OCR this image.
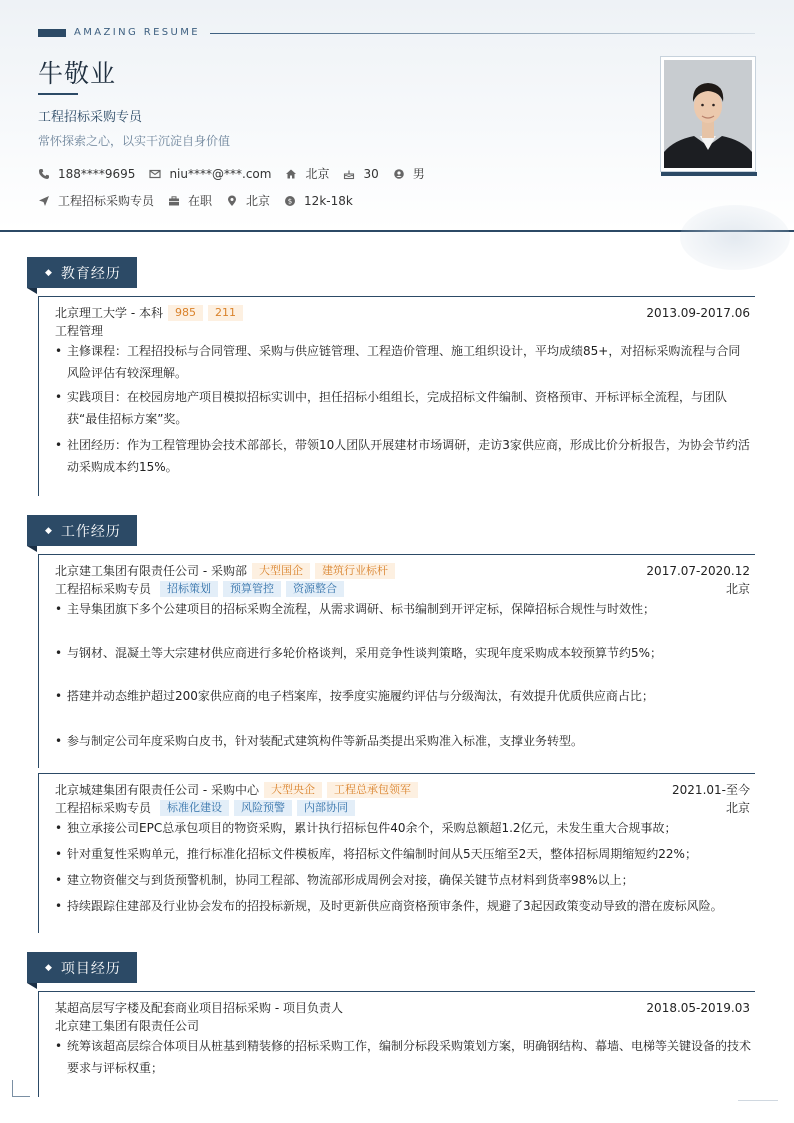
AMAZING RESUME
牛敬业
工程招标采购专员
常怀探索之心，以实干沉淀自身价值
188****9695	niu****@***.com	北京	30	男
工程招标采购专员	在职	北京	$ 12k-18k
◆ 教育经历
北京理工大学 - 本科	985	211	2013.09-2017.06
工程管理
• 主修课程：工程招投标与合同管理、采购与供应链管理、工程造价管理、施工组织设计，平均成绩85+，对招标采购流程与合同风险评估有较深理解。
• 实践项目：在校园房地产项目模拟招标实训中，担任招标小组组长，完成招标文件编制、资格预审、开标评标全流程，与团队获“最佳招标方案”奖。
• 社团经历：作为工程管理协会技术部部长，带领10人团队开展建材市场调研，走访3家供应商，形成比价分析报告，为协会节约活动采购成本约15%。
◆ 工作经历
北京建工集团有限责任公司 - 采购部	大型国企	建筑行业标杆	2017.07-2020.12
工程招标采购专员	招标策划	预算管控	资源整合	北京
• 主导集团旗下多个公建项目的招标采购全流程，从需求调研、标书编制到开评定标，保障招标合规性与时效性；
• 与钢材、混凝土等大宗建材供应商进行多轮价格谈判，采用竞争性谈判策略，实现年度采购成本较预算节约5%；
• 搭建并动态维护超过200家供应商的电子档案库，按季度实施履约评估与分级淘汰，有效提升优质供应商占比；
• 参与制定公司年度采购白皮书，针对装配式建筑构件等新品类提出采购准入标准，支撑业务转型。
北京城建集团有限责任公司 - 采购中心	大型央企	工程总承包领军	2021.01-至今
工程招标采购专员	标准化建设	风险预警	内部协同	北京
• 独立承接公司EPC总承包项目的物资采购，累计执行招标包件40余个，采购总额超1.2亿元，未发生重大合规事故；
• 针对重复性采购单元，推行标准化招标文件模板库，将招标文件编制时间从5天压缩至2天，整体招标周期缩短约22%；
• 建立物资催交与到货预警机制，协同工程部、物流部形成周例会对接，确保关键节点材料到货率98%以上；
• 持续跟踪住建部及行业协会发布的招投标新规，及时更新供应商资格预审条件，规避了3起因政策变动导致的潜在废标风险。
◆ 项目经历
某超高层写字楼及配套商业项目招标采购 - 项目负责人	2018.05-2019.03
北京建工集团有限责任公司
• 统筹该超高层综合体项目从桩基到精装修的招标采购工作，编制分标段采购策划方案，明确钢结构、幕墙、电梯等关键设备的技术要求与评标权重；
